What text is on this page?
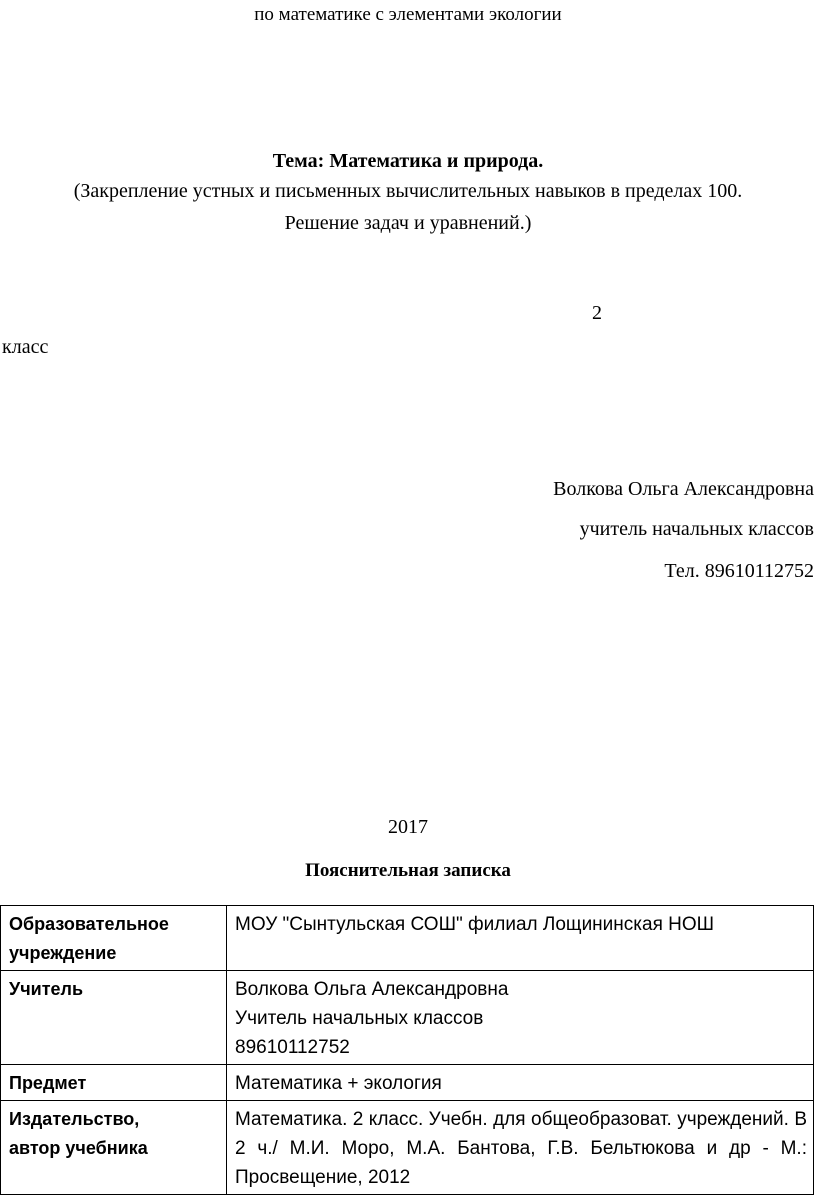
по математике с элементами экологии
Тема: Математика и природа.
(Закрепление устных и письменных вычислительных навыков в пределах 100.
Решение задач и уравнений.)
2
класс
Волкова Ольга Александровна
учитель начальных классов
Тел. 89610112752
2017
Пояснительная записка
Образовательное учреждение	МОУ "Сынтульская СОШ" филиал Лощининская НОШ
Учитель	Волкова Ольга Александровна
Учитель начальных классов
89610112752

Предмет	Математика + экология

Издательство,
автор учебника	Математика. 2 класс. Учебн. для общеобразоват. учреждений. В 2 ч./ М.И. Моро, М.А. Бантова, Г.В. Бельтюкова и др - М.: Просвещение, 2012
